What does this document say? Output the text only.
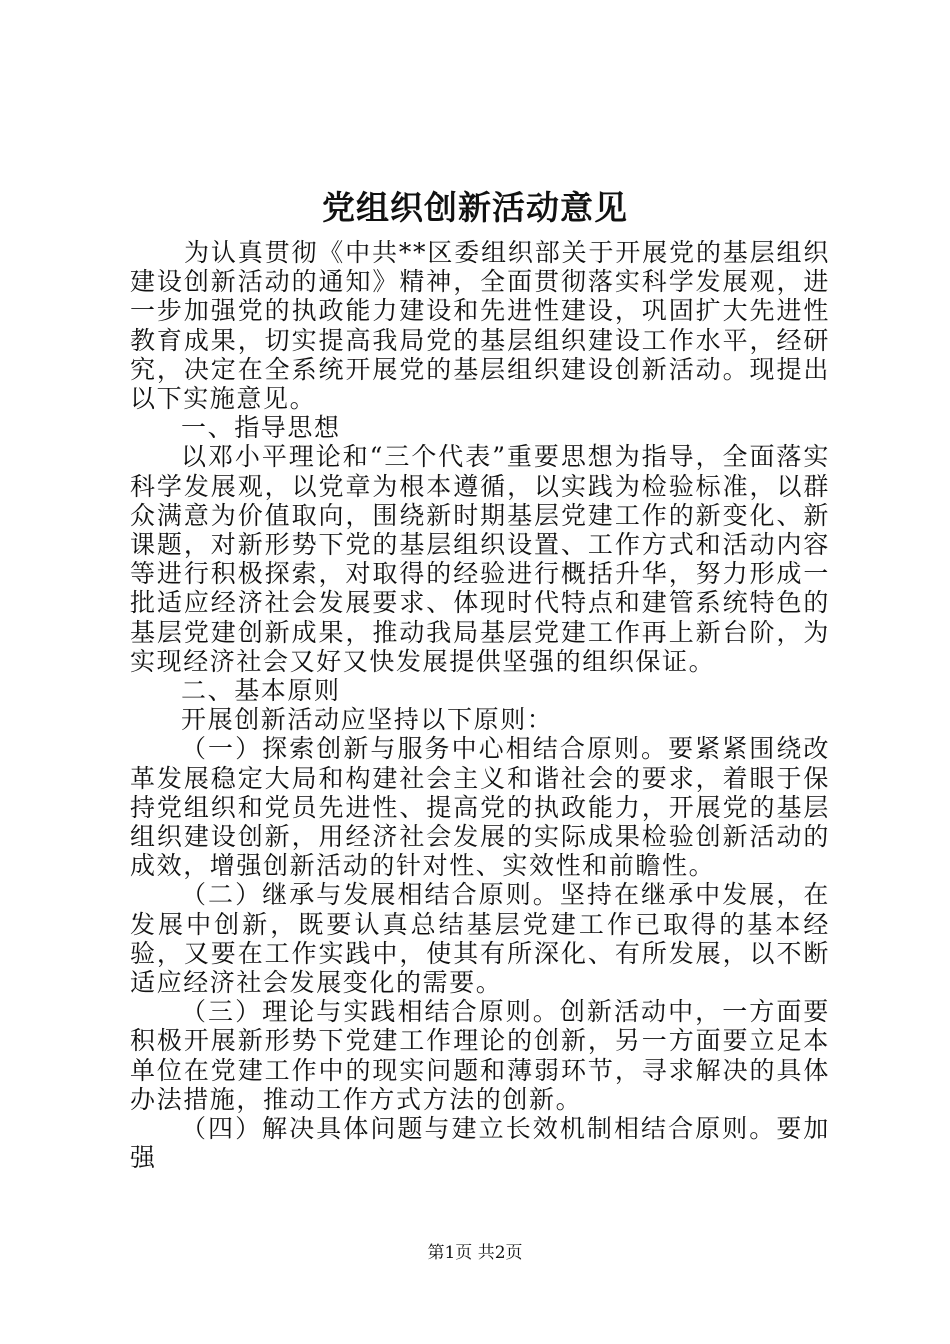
党组织创新活动意见

为认真贯彻《中共**区委组织部关于开展党的基层组织建设创新活动的通知》精神，全面贯彻落实科学发展观，进一步加强党的执政能力建设和先进性建设，巩固扩大先进性教育成果，切实提高我局党的基层组织建设工作水平，经研究，决定在全系统开展党的基层组织建设创新活动。现提出以下实施意见。

一、指导思想

以邓小平理论和“三个代表”重要思想为指导，全面落实科学发展观，以党章为根本遵循，以实践为检验标准，以群众满意为价值取向，围绕新时期基层党建工作的新变化、新课题，对新形势下党的基层组织设置、工作方式和活动内容等进行积极探索，对取得的经验进行概括升华，努力形成一批适应经济社会发展要求、体现时代特点和建管系统特色的基层党建创新成果，推动我局基层党建工作再上新台阶，为实现经济社会又好又快发展提供坚强的组织保证。

二、基本原则

开展创新活动应坚持以下原则：

（一）探索创新与服务中心相结合原则。要紧紧围绕改革发展稳定大局和构建社会主义和谐社会的要求，着眼于保持党组织和党员先进性、提高党的执政能力，开展党的基层组织建设创新，用经济社会发展的实际成果检验创新活动的成效，增强创新活动的针对性、实效性和前瞻性。

（二）继承与发展相结合原则。坚持在继承中发展，在发展中创新，既要认真总结基层党建工作已取得的基本经验，又要在工作实践中，使其有所深化、有所发展，以不断适应经济社会发展变化的需要。

（三）理论与实践相结合原则。创新活动中，一方面要积极开展新形势下党建工作理论的创新，另一方面要立足本单位在党建工作中的现实问题和薄弱环节，寻求解决的具体办法措施，推动工作方式方法的创新。

（四）解决具体问题与建立长效机制相结合原则。要加强

第1页 共2页
